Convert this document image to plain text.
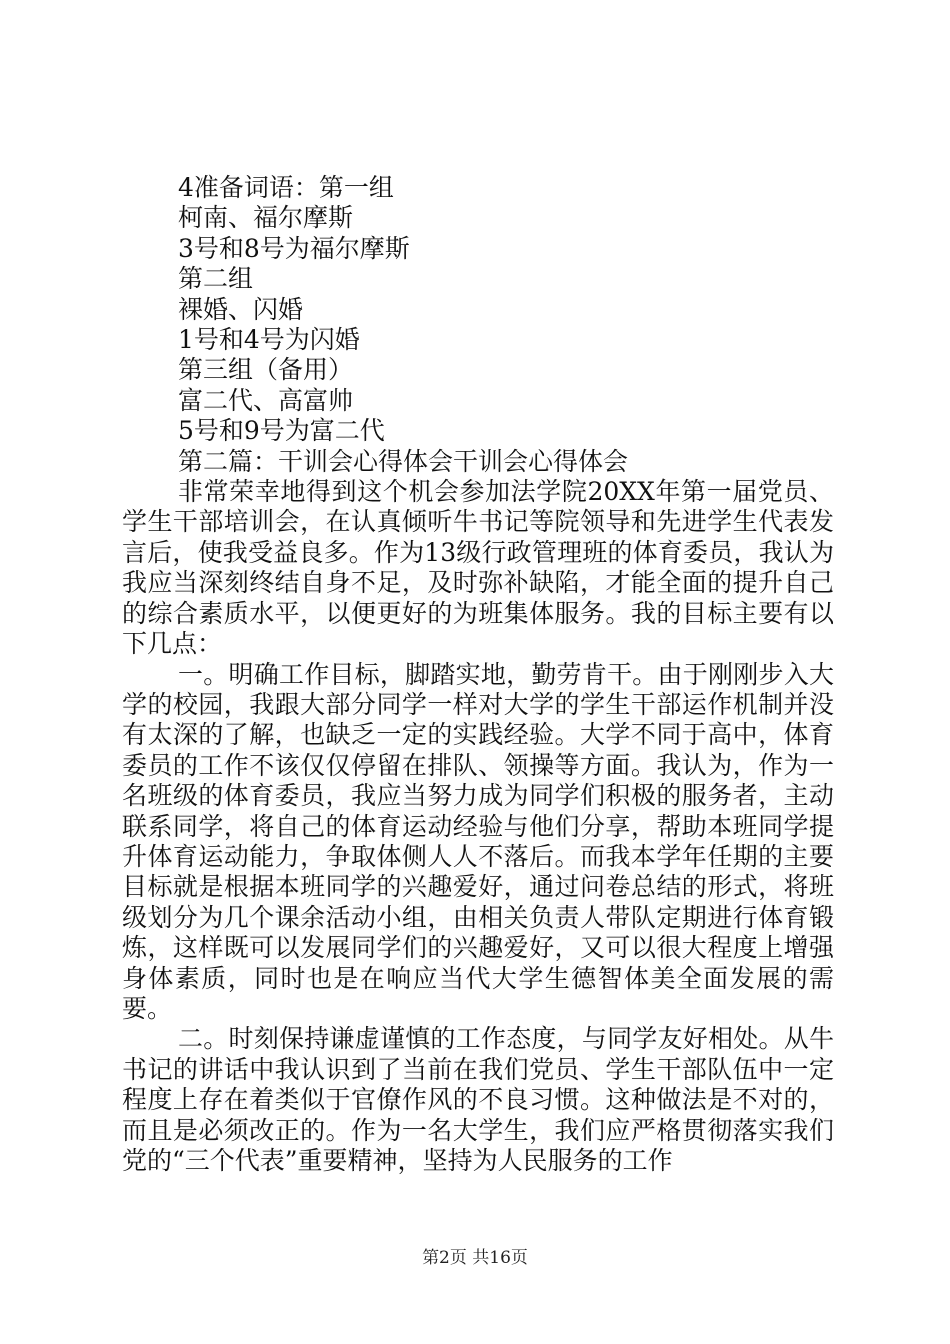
4准备词语：第一组
柯南、福尔摩斯
3号和8号为福尔摩斯
第二组
裸婚、闪婚
1号和4号为闪婚
第三组（备用）
富二代、高富帅
5号和9号为富二代
第二篇：干训会心得体会干训会心得体会

非常荣幸地得到这个机会参加法学院20XX年第一届党员、学生干部培训会，在认真倾听牛书记等院领导和先进学生代表发言后，使我受益良多。作为13级行政管理班的体育委员，我认为我应当深刻终结自身不足，及时弥补缺陷，才能全面的提升自己的综合素质水平，以便更好的为班集体服务。我的目标主要有以下几点：

一。明确工作目标，脚踏实地，勤劳肯干。由于刚刚步入大学的校园，我跟大部分同学一样对大学的学生干部运作机制并没有太深的了解，也缺乏一定的实践经验。大学不同于高中，体育委员的工作不该仅仅停留在排队、领操等方面。我认为，作为一名班级的体育委员，我应当努力成为同学们积极的服务者，主动联系同学，将自己的体育运动经验与他们分享，帮助本班同学提升体育运动能力，争取体侧人人不落后。而我本学年任期的主要目标就是根据本班同学的兴趣爱好，通过问卷总结的形式，将班级划分为几个课余活动小组，由相关负责人带队定期进行体育锻炼，这样既可以发展同学们的兴趣爱好，又可以很大程度上增强身体素质，同时也是在响应当代大学生德智体美全面发展的需要。

二。时刻保持谦虚谨慎的工作态度，与同学友好相处。从牛书记的讲话中我认识到了当前在我们党员、学生干部队伍中一定程度上存在着类似于官僚作风的不良习惯。这种做法是不对的，而且是必须改正的。作为一名大学生，我们应严格贯彻落实我们党的“三个代表”重要精神，坚持为人民服务的工作

第2页 共16页
